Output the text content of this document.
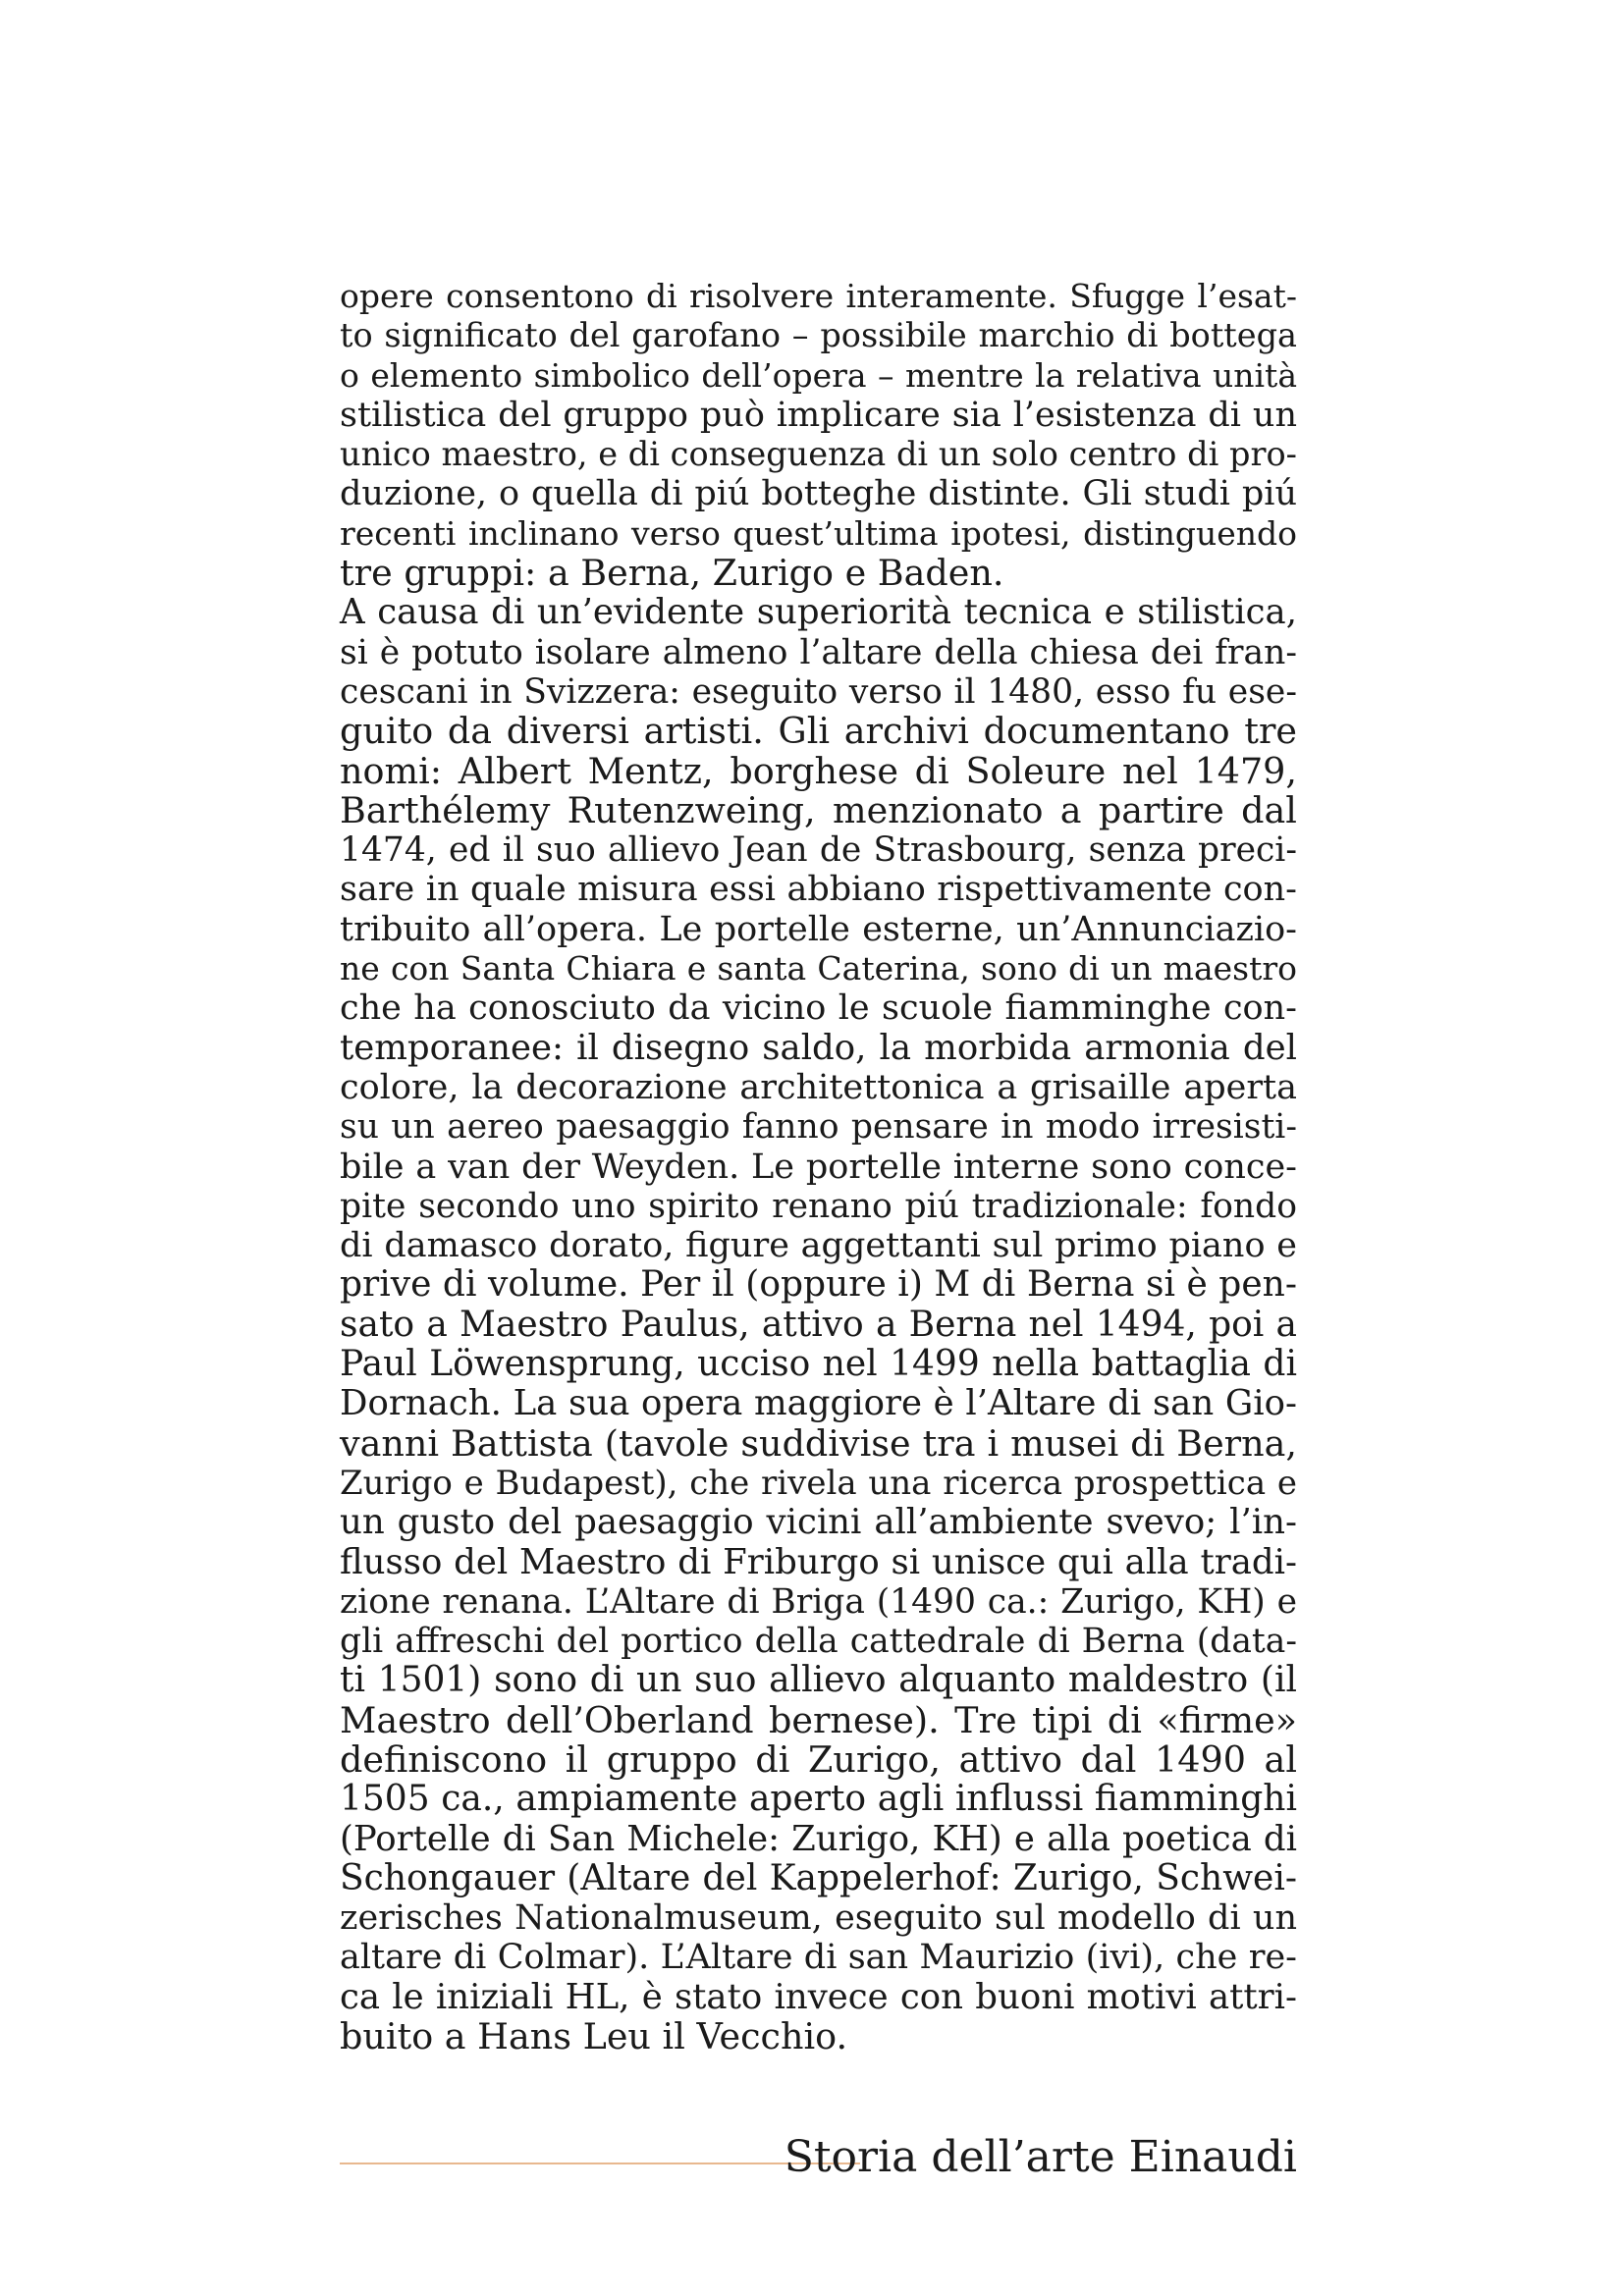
opere consentono di risolvere interamente. Sfugge l’esat-
to significato del garofano – possibile marchio di bottega
o elemento simbolico dell’opera – mentre la relativa unità
stilistica del gruppo può implicare sia l’esistenza di un
unico maestro, e di conseguenza di un solo centro di pro-
duzione, o quella di piú botteghe distinte. Gli studi piú
recenti inclinano verso quest’ultima ipotesi, distinguendo
tre gruppi: a Berna, Zurigo e Baden.
A causa di un’evidente superiorità tecnica e stilistica,
si è potuto isolare almeno l’altare della chiesa dei fran-
cescani in Svizzera: eseguito verso il 1480, esso fu ese-
guito da diversi artisti. Gli archivi documentano tre
nomi: Albert Mentz, borghese di Soleure nel 1479,
Barthélemy Rutenzweing, menzionato a partire dal
1474, ed il suo allievo Jean de Strasbourg, senza preci-
sare in quale misura essi abbiano rispettivamente con-
tribuito all’opera. Le portelle esterne, un’Annunciazio-
ne con Santa Chiara e santa Caterina, sono di un maestro
che ha conosciuto da vicino le scuole fiamminghe con-
temporanee: il disegno saldo, la morbida armonia del
colore, la decorazione architettonica a grisaille aperta
su un aereo paesaggio fanno pensare in modo irresisti-
bile a van der Weyden. Le portelle interne sono conce-
pite secondo uno spirito renano piú tradizionale: fondo
di damasco dorato, figure aggettanti sul primo piano e
prive di volume. Per il (oppure i) M di Berna si è pen-
sato a Maestro Paulus, attivo a Berna nel 1494, poi a
Paul Löwensprung, ucciso nel 1499 nella battaglia di
Dornach. La sua opera maggiore è l’Altare di san Gio-
vanni Battista (tavole suddivise tra i musei di Berna,
Zurigo e Budapest), che rivela una ricerca prospettica e
un gusto del paesaggio vicini all’ambiente svevo; l’in-
flusso del Maestro di Friburgo si unisce qui alla tradi-
zione renana. L’Altare di Briga (1490 ca.: Zurigo, KH) e
gli affreschi del portico della cattedrale di Berna (data-
ti 1501) sono di un suo allievo alquanto maldestro (il
Maestro dell’Oberland bernese). Tre tipi di «firme»
definiscono il gruppo di Zurigo, attivo dal 1490 al
1505 ca., ampiamente aperto agli influssi fiamminghi
(Portelle di San Michele: Zurigo, KH) e alla poetica di
Schongauer (Altare del Kappelerhof: Zurigo, Schwei-
zerisches Nationalmuseum, eseguito sul modello di un
altare di Colmar). L’Altare di san Maurizio (ivi), che re-
ca le iniziali HL, è stato invece con buoni motivi attri-
buito a Hans Leu il Vecchio.
Storia dell’arte Einaudi
